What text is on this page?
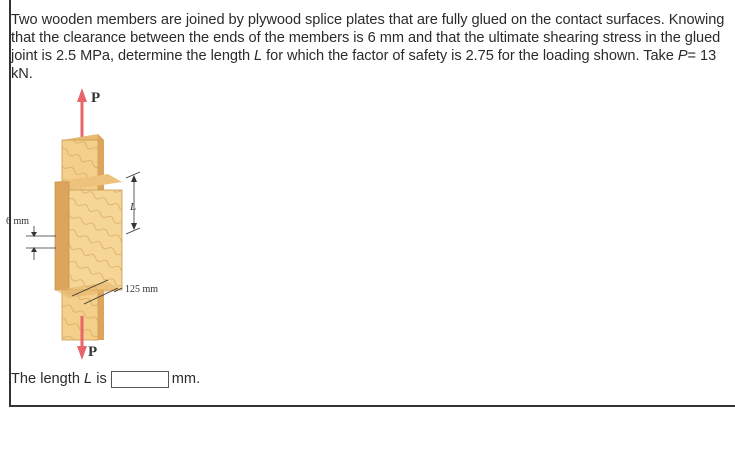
Two wooden members are joined by plywood splice plates that are fully glued on the contact surfaces. Knowing that the clearance between the ends of the members is 6 mm and that the ultimate shearing stress in the glued joint is 2.5 MPa, determine the length L for which the factor of safety is 2.75 for the loading shown. Take P= 13 kN.

P
L
6 mm
125 mm
P
The length L is	mm.
